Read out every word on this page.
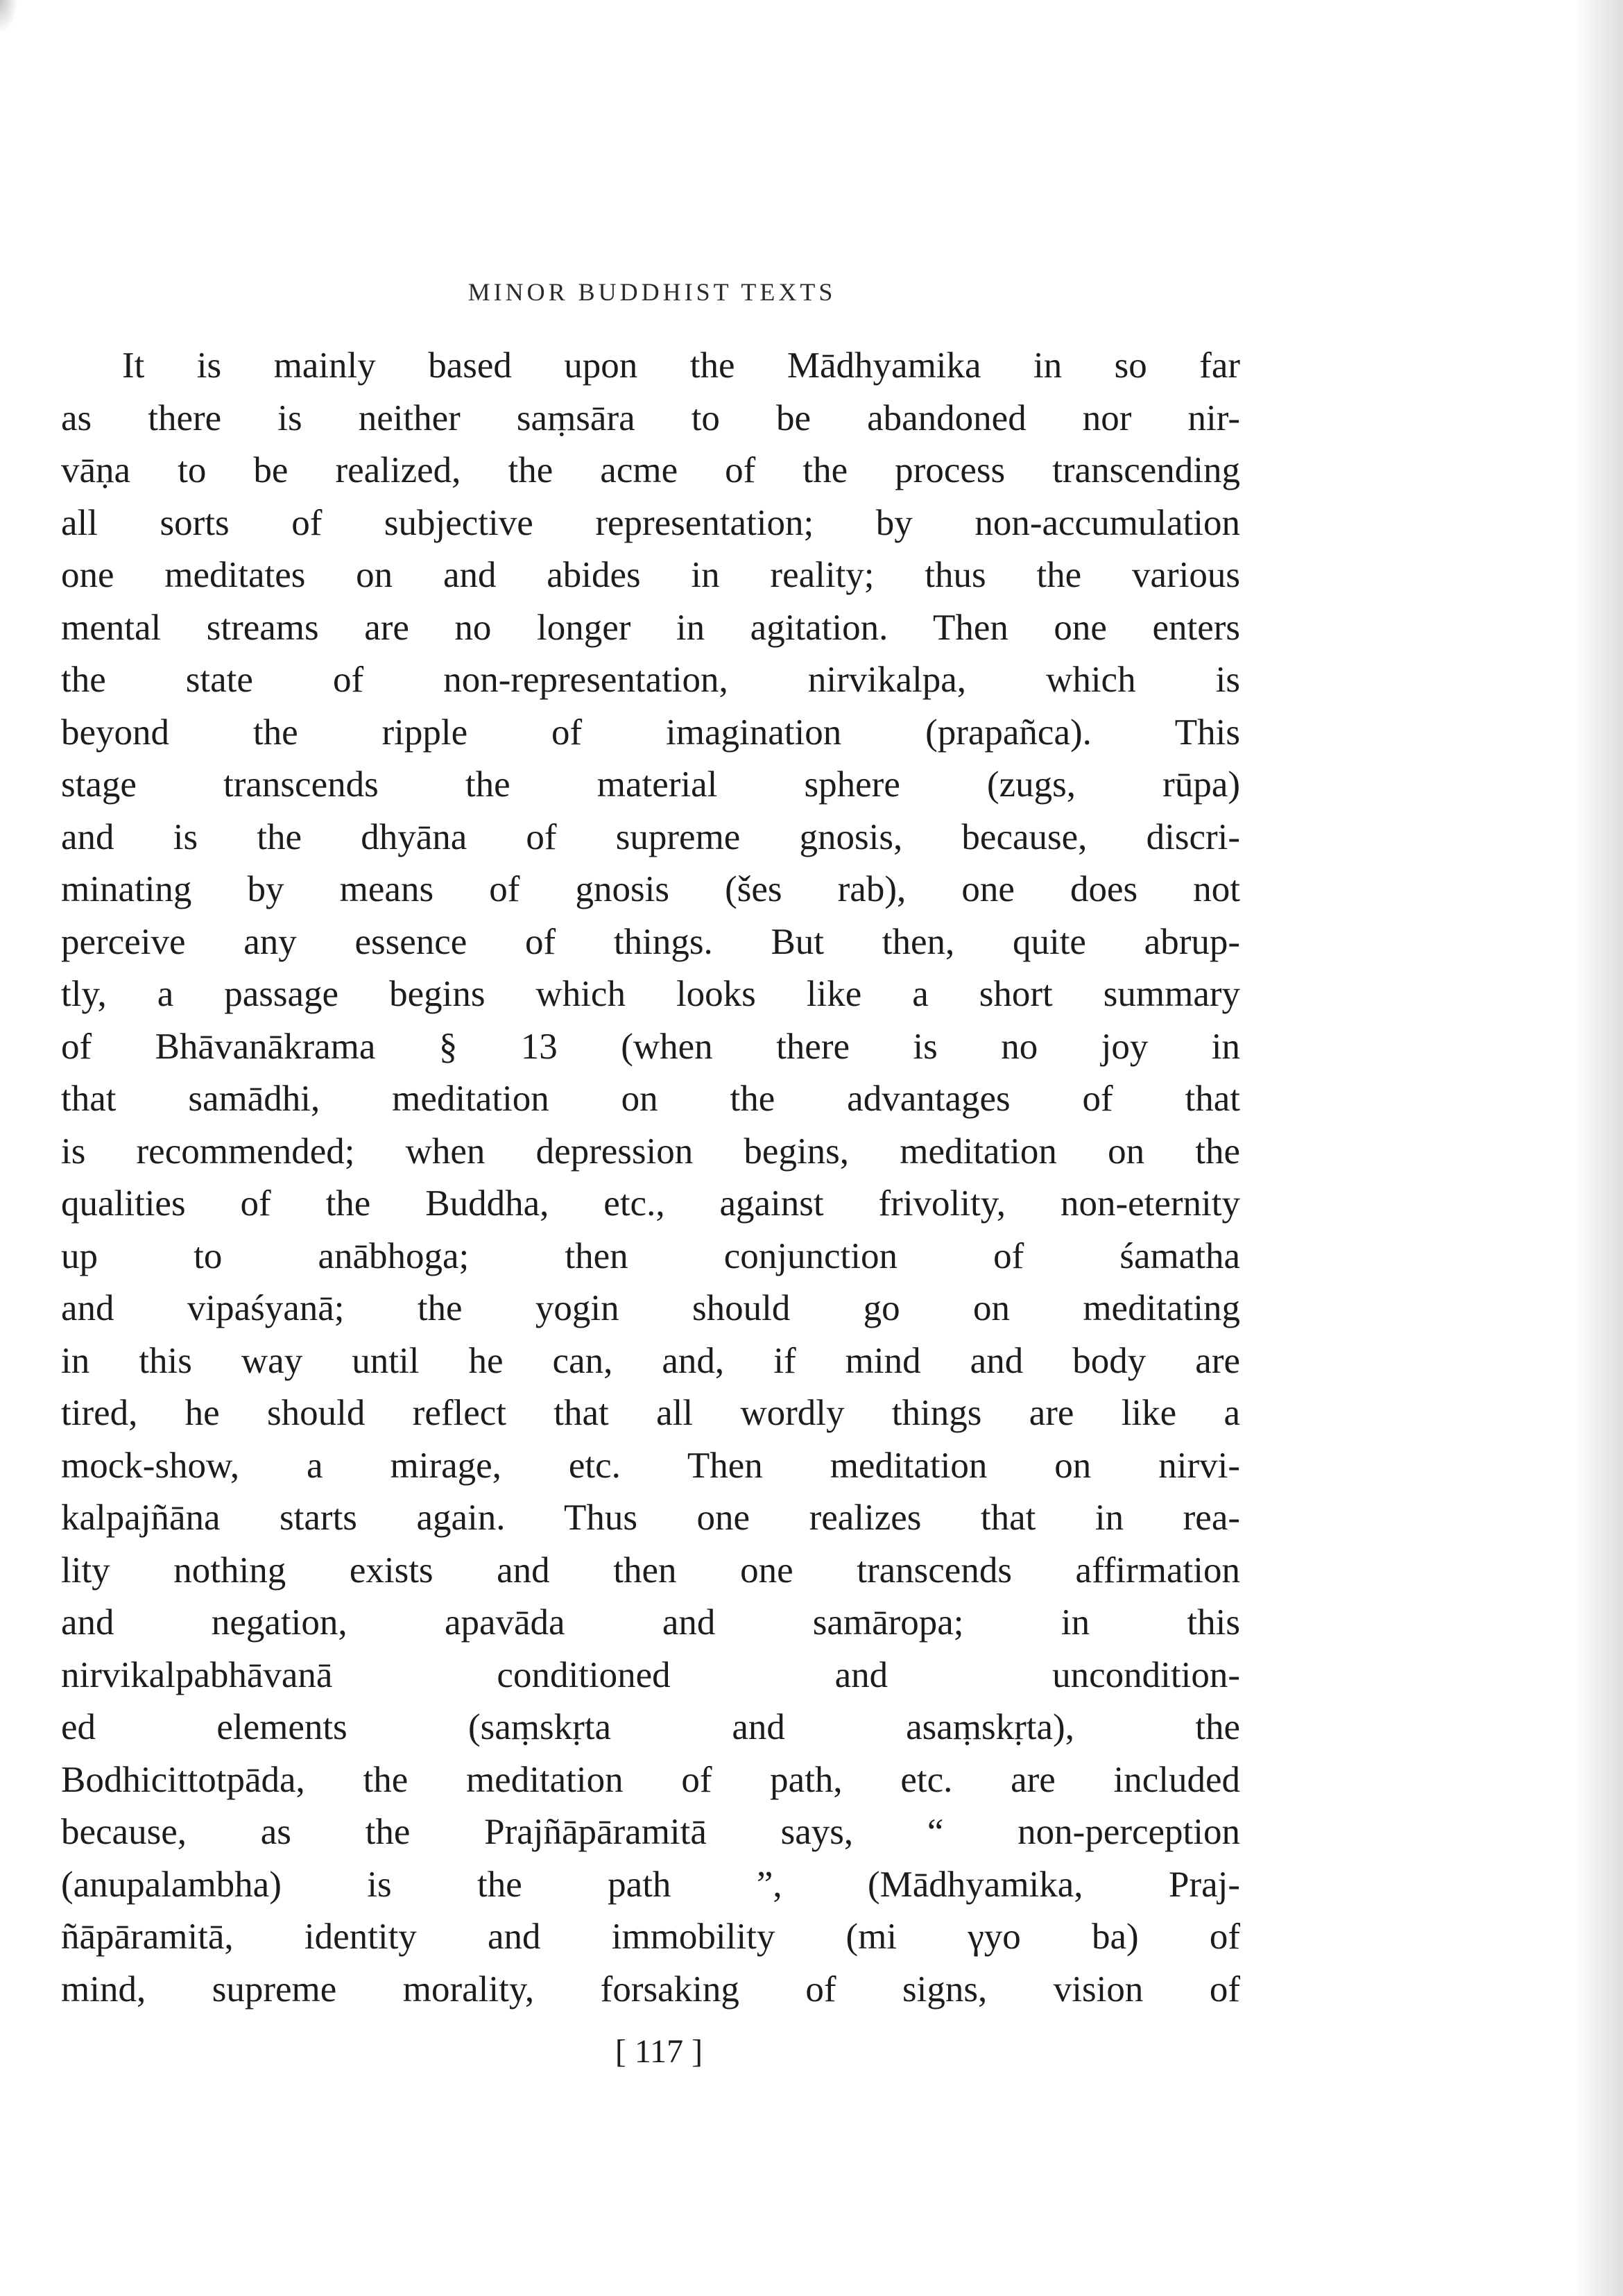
MINOR BUDDHIST TEXTS
It is mainly based upon the Mādhyamika in so far
as there is neither saṃsāra to be abandoned nor nir-
vāṇa to be realized, the acme of the process transcending
all sorts of subjective representation; by non-accumulation
one meditates on and abides in reality; thus the various
mental streams are no longer in agitation. Then one enters
the state of non-representation, nirvikalpa, which is
beyond the ripple of imagination (prapañca). This
stage transcends the material sphere (zugs, rūpa)
and is the dhyāna of supreme gnosis, because, discri-
minating by means of gnosis (šes rab), one does not
perceive any essence of things. But then, quite abrup-
tly, a passage begins which looks like a short summary
of Bhāvanākrama § 13 (when there is no joy in
that samādhi, meditation on the advantages of that
is recommended; when depression begins, meditation on the
qualities of the Buddha, etc., against frivolity, non-eternity
up to anābhoga; then conjunction of śamatha
and vipaśyanā; the yogin should go on meditating
in this way until he can, and, if mind and body are
tired, he should reflect that all wordly things are like a
mock-show, a mirage, etc. Then meditation on nirvi-
kalpajñāna starts again. Thus one realizes that in rea-
lity nothing exists and then one transcends affirmation
and negation, apavāda and samāropa; in this
nirvikalpabhāvanā conditioned and uncondition-
ed elements (saṃskṛta and asaṃskṛta), the
Bodhicittotpāda, the meditation of path, etc. are included
because, as the Prajñāpāramitā says, “ non-perception
(anupalambha) is the path ”, (Mādhyamika, Praj-
ñāpāramitā, identity and immobility (mi γyo ba) of
mind, supreme morality, forsaking of signs, vision of
[ 117 ]
